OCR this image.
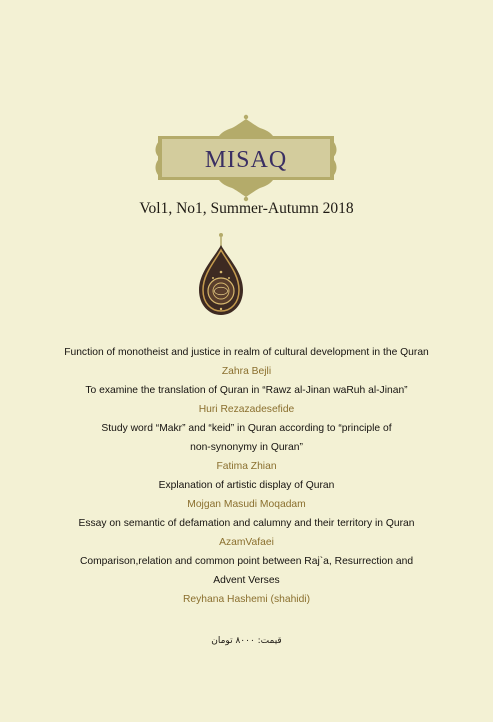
MISAQ
Vol1, No1, Summer-Autumn 2018
Function of monotheist and justice in realm of cultural development in the Quran
Zahra Bejli
To examine the translation of Quran in “Rawz al-Jinan waRuh al-Jinan”
Huri Rezazadesefide
Study word “Makr” and “keid” in Quran according to “principle of
non-synonymy in Quran”
Fatima Zhian
Explanation of artistic display of Quran
Mojgan Masudi Moqadam
Essay on semantic of defamation and calumny and their territory in Quran
AzamVafaei
Comparison,relation and common point between Raj`a, Resurrection and
Advent Verses
Reyhana Hashemi (shahidi)
قیمت: ۸۰۰۰ تومان
